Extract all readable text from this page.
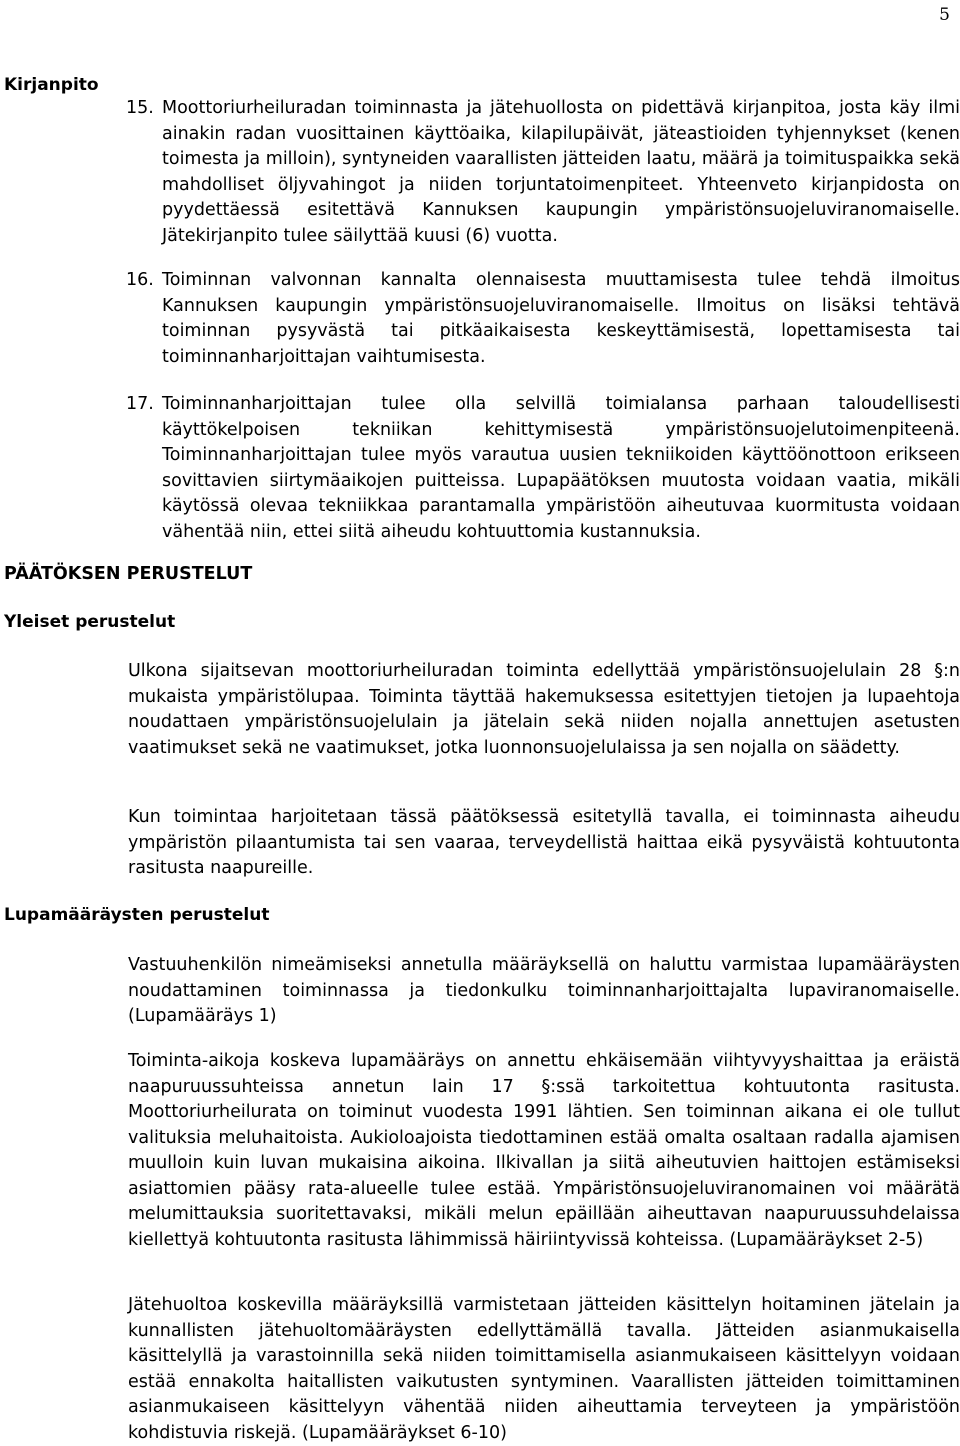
5
Kirjanpito
15. Moottoriurheiluradan toiminnasta ja jätehuollosta on pidettävä kirjanpitoa, josta käy ilmi ainakin radan vuosittainen käyttöaika, kilapilupäivät, jäteastioiden tyhjennykset (kenen toimesta ja milloin), syntyneiden vaarallisten jätteiden laatu, määrä ja toimituspaikka sekä mahdolliset öljyvahingot ja niiden torjuntatoimenpiteet. Yhteenveto kirjanpidosta on pyydettäessä esitettävä Kannuksen kaupungin ympäristönsuojeluviranomaiselle. Jätekirjanpito tulee säilyttää kuusi (6) vuotta.
16. Toiminnan valvonnan kannalta olennaisesta muuttamisesta tulee tehdä ilmoitus Kannuksen kaupungin ympäristönsuojeluviranomaiselle. Ilmoitus on lisäksi tehtävä toiminnan pysyvästä tai pitkäaikaisesta keskeyttämisestä, lopettamisesta tai toiminnanharjoittajan vaihtumisesta.
17. Toiminnanharjoittajan tulee olla selvillä toimialansa parhaan taloudellisesti käyttökelpoisen tekniikan kehittymisestä ympäristönsuojelutoimenpiteenä. Toiminnanharjoittajan tulee myös varautua uusien tekniikoiden käyttöönottoon erikseen sovittavien siirtymäaikojen puitteissa. Lupapäätöksen muutosta voidaan vaatia, mikäli käytössä olevaa tekniikkaa parantamalla ympäristöön aiheutuvaa kuormitusta voidaan vähentää niin, ettei siitä aiheudu kohtuuttomia kustannuksia.
PÄÄTÖKSEN PERUSTELUT
Yleiset perustelut
Ulkona sijaitsevan moottoriurheiluradan toiminta edellyttää ympäristönsuojelulain 28 §:n mukaista ympäristölupaa. Toiminta täyttää hakemuksessa esitettyjen tietojen ja lupaehtoja noudattaen ympäristönsuojelulain ja jätelain sekä niiden nojalla annettujen asetusten vaatimukset sekä ne vaatimukset, jotka luonnonsuojelulaissa ja sen nojalla on säädetty.
Kun toimintaa harjoitetaan tässä päätöksessä esitetyllä tavalla, ei toiminnasta aiheudu ympäristön pilaantumista tai sen vaaraa, terveydellistä haittaa eikä pysyväistä kohtuutonta rasitusta naapureille.
Lupamääräysten perustelut
Vastuuhenkilön nimeämiseksi annetulla määräyksellä on haluttu varmistaa lupamääräysten noudattaminen toiminnassa ja tiedonkulku toiminnanharjoittajalta lupaviranomaiselle. (Lupamääräys 1)
Toiminta-aikoja koskeva lupamääräys on annettu ehkäisemään viihtyvyyshaittaa ja eräistä naapuruussuhteissa annetun lain 17 §:ssä tarkoitettua kohtuutonta rasitusta. Moottoriurheilurata on toiminut vuodesta 1991 lähtien. Sen toiminnan aikana ei ole tullut valituksia meluhaitoista. Aukioloajoista tiedottaminen estää omalta osaltaan radalla ajamisen muulloin kuin luvan mukaisina aikoina. Ilkivallan ja siitä aiheutuvien haittojen estämiseksi asiattomien pääsy rata-alueelle tulee estää. Ympäristönsuojeluviranomainen voi määrätä melumittauksia suoritettavaksi, mikäli melun epäillään aiheuttavan naapuruussuhdelaissa kiellettyä kohtuutonta rasitusta lähimmissä häiriintyvissä kohteissa. (Lupamääräykset 2-5)
Jätehuoltoa koskevilla määräyksillä varmistetaan jätteiden käsittelyn hoitaminen jätelain ja kunnallisten jätehuoltomääräysten edellyttämällä tavalla. Jätteiden asianmukaisella käsittelyllä ja varastoinnilla sekä niiden toimittamisella asianmukaiseen käsittelyyn voidaan estää ennakolta haitallisten vaikutusten syntyminen. Vaarallisten jätteiden toimittaminen asianmukaiseen käsittelyyn vähentää niiden aiheuttamia terveyteen ja ympäristöön kohdistuvia riskejä. (Lupamääräykset 6-10)
